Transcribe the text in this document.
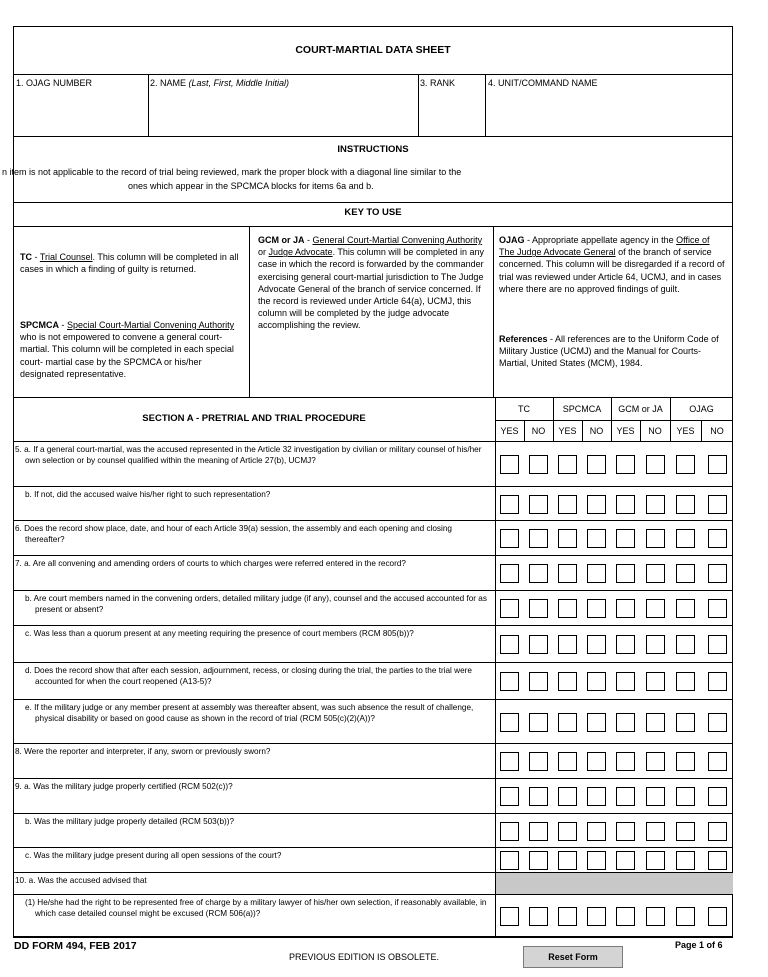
COURT-MARTIAL DATA SHEET
1. OJAG NUMBER	2. NAME (Last, First, Middle Initial)	3. RANK	4. UNIT/COMMAND NAME
INSTRUCTIONS
n item is not applicable to the record of trial being reviewed, mark the proper block with a diagonal line similar to the
ones which appear in the SPCMCA blocks for items 6a and b.
KEY TO USE
TC - Trial Counsel. This column will be completed in all cases in which a finding of guilty is returned.
SPCMCA - Special Court-Martial Convening Authority who is not empowered to convene a general court-martial. This column will be completed in each special court- martial case by the SPCMCA or his/her designated representative.
GCM or JA - General Court-Martial Convening Authority or Judge Advocate. This column will be completed in any case in which the record is forwarded by the commander exercising general court-martial jurisdiction to The Judge Advocate General of the branch of service concerned. If the record is reviewed under Article 64(a), UCMJ, this column will be completed by the judge advocate accomplishing the review.
OJAG - Appropriate appellate agency in the Office of The Judge Advocate General of the branch of service concerned. This column will be disregarded if a record of trial was reviewed under Article 64, UCMJ, and in cases where there are no approved findings of guilt.
References - All references are to the Uniform Code of Military Justice (UCMJ) and the Manual for Courts-Martial, United States (MCM), 1984.
SECTION A - PRETRIAL AND TRIAL PROCEDURE
TC	SPCMCA	GCM or JA	OJAG
YES	NO	YES	NO	YES	NO	YES	NO
5. a. If a general court-martial, was the accused represented in the Article 32 investigation by civilian or military counsel of his/her own selection or by counsel qualified within the meaning of Article 27(b), UCMJ?
b. If not, did the accused waive his/her right to such representation?
6. Does the record show place, date, and hour of each Article 39(a) session, the assembly and each opening and closing thereafter?
7. a. Are all convening and amending orders of courts to which charges were referred entered in the record?
b. Are court members named in the convening orders, detailed military judge (if any), counsel and the accused accounted for as present or absent?
c. Was less than a quorum present at any meeting requiring the presence of court members (RCM 805(b))?
d. Does the record show that after each session, adjournment, recess, or closing during the trial, the parties to the trial were accounted for when the court reopened (A13-5)?
e. If the military judge or any member present at assembly was thereafter absent, was such absence the result of challenge, physical disability or based on good cause as shown in the record of trial (RCM 505(c)(2)(A))?
8. Were the reporter and interpreter, if any, sworn or previously sworn?
9. a. Was the military judge properly certified (RCM 502(c))?
b. Was the military judge properly detailed (RCM 503(b))?
c. Was the military judge present during all open sessions of the court?
10. a. Was the accused advised that
(1) He/she had the right to be represented free of charge by a military lawyer of his/her own selection, if reasonably available, in which case detailed counsel might be excused (RCM 506(a))?
DD FORM 494, FEB 2017
PREVIOUS EDITION IS OBSOLETE.	Reset Form
Page 1 of 6
